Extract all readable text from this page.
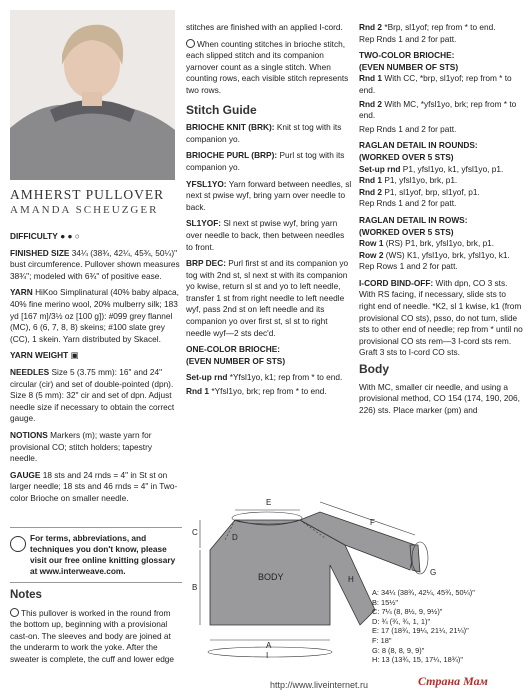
AMHERST PULLOVER
AMANDA SCHEUZGER

DIFFICULTY ● ● ○

FINISHED SIZE 34¼ (38¾, 42¼, 45¾, 50¼)" bust circumference. Pullover shown measures 38¾"; modeled with 6¾" of positive ease.

YARN HiKoo Simplinatural (40% baby alpaca, 40% fine merino wool, 20% mulberry silk; 183 yd [167 m]/3½ oz [100 g]): #099 grey flannel (MC), 6 (6, 7, 8, 8) skeins; #100 slate grey (CC), 1 skein. Yarn distributed by Skacel.

YARN WEIGHT ▣

NEEDLES Size 5 (3.75 mm): 16" and 24" circular (cir) and set of double-pointed (dpn). Size 8 (5 mm): 32" cir and set of dpn. Adjust needle size if necessary to obtain the correct gauge.

NOTIONS Markers (m); waste yarn for provisional CO; stitch holders; tapestry needle.

GAUGE 18 sts and 24 rnds = 4" in St st on larger needle; 18 sts and 46 rnds = 4" in Two-color Brioche on smaller needle.

For terms, abbreviations, and techniques you don't know, please visit our free online knitting glossary at www.interweave.com.
Notes

This pullover is worked in the round from the bottom up, beginning with a provisional cast-on. The sleeves and body are joined at the underarm to work the yoke. After the sweater is complete, the cuff and lower edge

stitches are finished with an applied I-cord.

When counting stitches in brioche stitch, each slipped stitch and its companion yarnover count as a single stitch. When counting rows, each visible stitch represents two rows.

Stitch Guide

BRIOCHE KNIT (BRK): Knit st tog with its companion yo.

BRIOCHE PURL (BRP): Purl st tog with its companion yo.

YFSL1YO: Yarn forward between needles, sl next st pwise wyf, bring yarn over needle to back.

SL1YOF: Sl next st pwise wyf, bring yarn over needle to back, then between needles to front.

BRP DEC: Purl first st and its companion yo tog with 2nd st, sl next st with its companion yo kwise, return sl st and yo to left needle, transfer 1 st from right needle to left needle wyf, pass 2nd st on left needle and its companion yo over first st, sl st to right needle wyf—2 sts dec'd.

ONE-COLOR BRIOCHE:

(EVEN NUMBER OF STS)

Set-up rnd *Yfsl1yo, k1; rep from * to end.

Rnd 1 *Yfsl1yo, brk; rep from * to end.

Rnd 2 *Brp, sl1yof; rep from * to end.

Rep Rnds 1 and 2 for patt.

TWO-COLOR BRIOCHE:

(EVEN NUMBER OF STS)

Rnd 1 With CC, *brp, sl1yof; rep from * to end.

Rnd 2 With MC, *yfsl1yo, brk; rep from * to end.

Rep Rnds 1 and 2 for patt.

RAGLAN DETAIL IN ROUNDS:

(WORKED OVER 5 STS)

Set-up rnd P1, yfsl1yo, k1, yfsl1yo, p1.

Rnd 1 P1, yfsl1yo, brk, p1.

Rnd 2 P1, sl1yof, brp, sl1yof, p1.

Rep Rnds 1 and 2 for patt.

RAGLAN DETAIL IN ROWS:

(WORKED OVER 5 STS)

Row 1 (RS) P1, brk, yfsl1yo, brk, p1.

Row 2 (WS) K1, yfsl1yo, brk, yfsl1yo, k1.

Rep Rows 1 and 2 for patt.

I-CORD BIND-OFF: With dpn, CO 3 sts. With RS facing, if necessary, slide sts to right end of needle. *K2, sl 1 kwise, k1 (from provisional CO sts), psso, do not turn, slide sts to other end of needle; rep from * until no provisional CO sts rem—3 I-cord sts rem. Graft 3 sts to I-cord CO sts.

Body

With MC, smaller cir needle, and using a provisional method, CO 154 (174, 190, 206, 226) sts. Place marker (pm) and

E
F
A
B
C
D
G
H
I
BODY
A: 34¼ (38¾, 42¼, 45¾, 50¼)"
B: 15½"
C: 7¼ (8, 8½, 9, 9½)"
D: ¾ (¾, ¾, 1, 1)"
E: 17 (18¾, 19¼, 21¼, 21¼)"
F: 18"
G: 8 (8, 8, 9, 9)"
H: 13 (13¾, 15, 17¼, 18¾)"
http://www.liveinternet.ru	Страна Мам
